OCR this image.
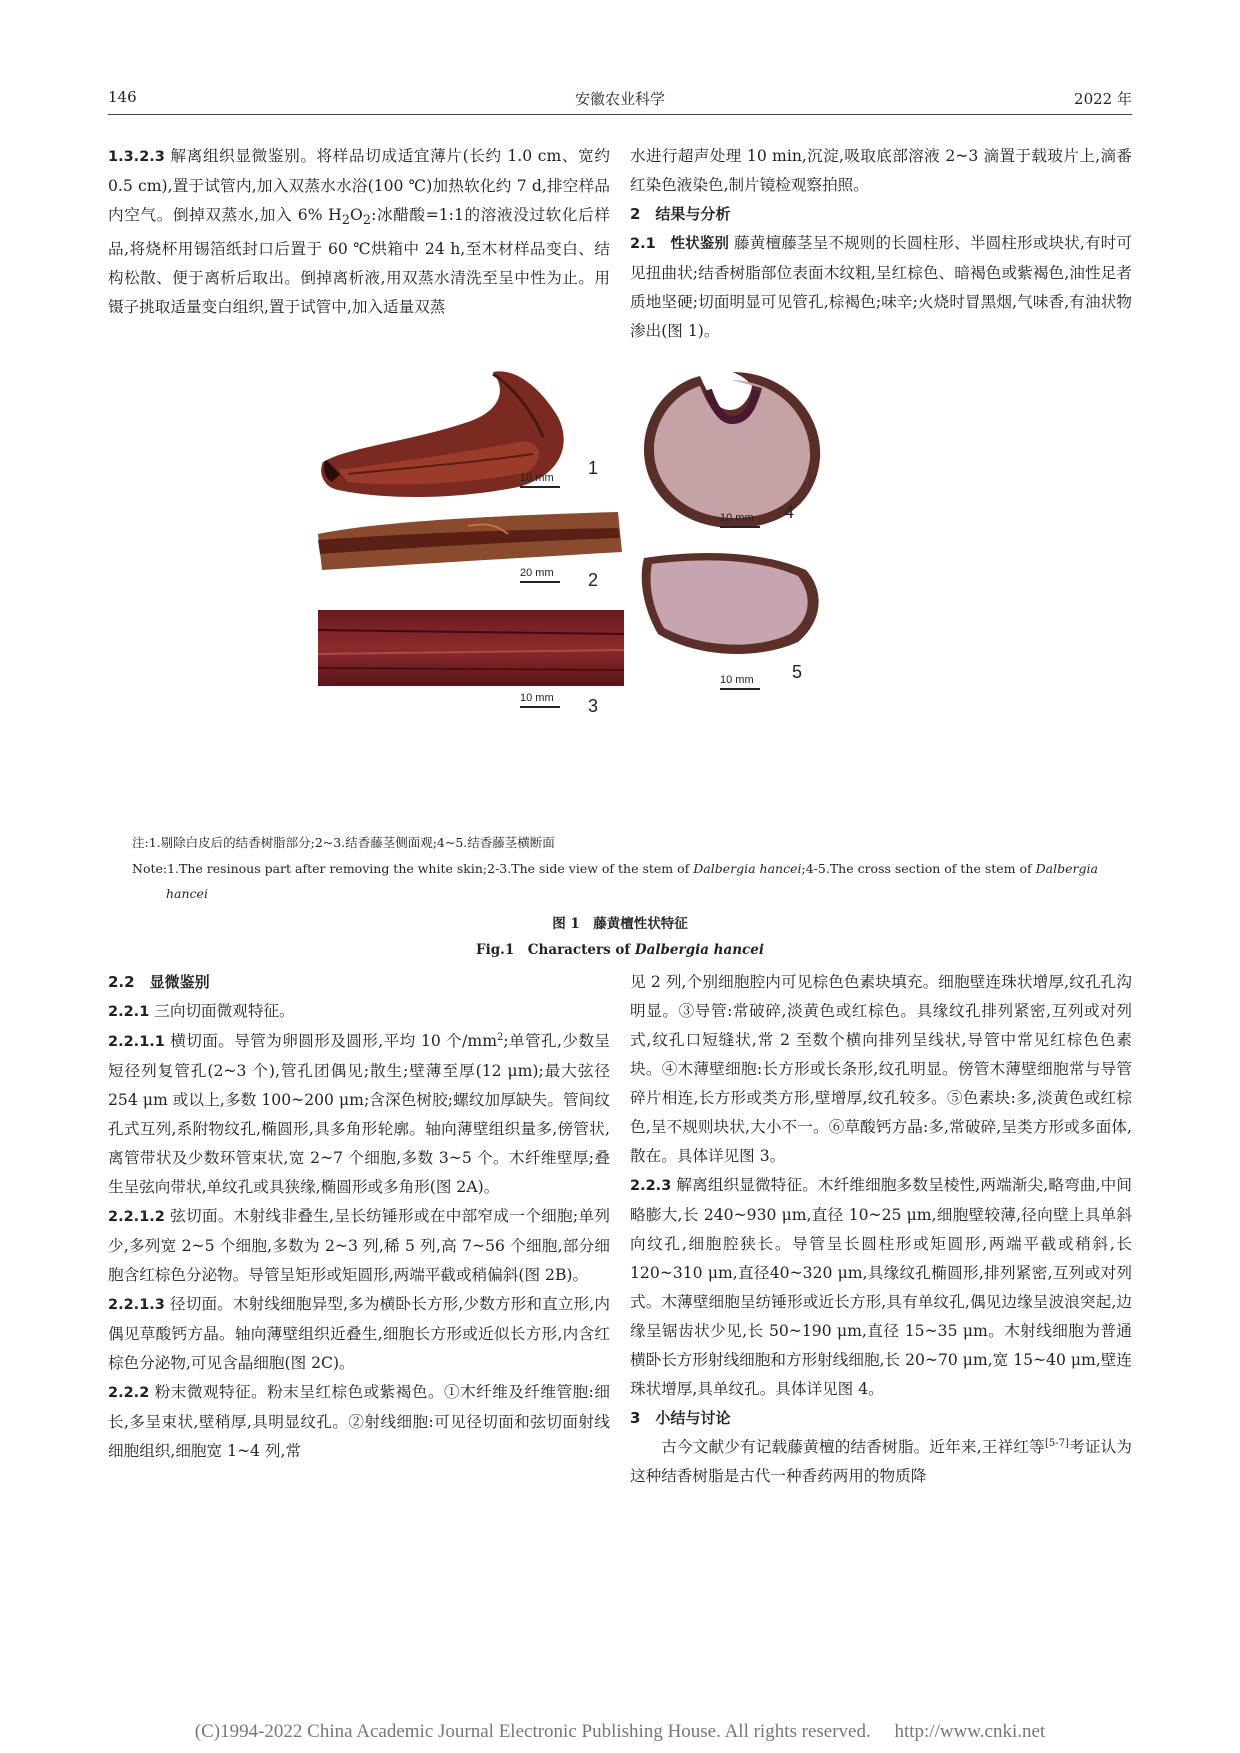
146	安徽农业科学	2022 年

1.3.2.3 解离组织显微鉴别。将样品切成适宜薄片(长约 1.0 cm、宽约 0.5 cm),置于试管内,加入双蒸水水浴(100 ℃)加热软化约 7 d,排空样品内空气。倒掉双蒸水,加入 6% $H_2O_2$:冰醋酸=1:1的溶液没过软化后样品,将烧杯用锡箔纸封口后置于 60 ℃烘箱中 24 h,至木材样品变白、结构松散、便于离析后取出。倒掉离析液,用双蒸水清洗至呈中性为止。用镊子挑取适量变白组织,置于试管中,加入适量双蒸

水进行超声处理 10 min,沉淀,吸取底部溶液 2~3 滴置于载玻片上,滴番红染色液染色,制片镜检观察拍照。

2　结果与分析

2.1　性状鉴别 藤黄檀藤茎呈不规则的长圆柱形、半圆柱形或块状,有时可见扭曲状;结香树脂部位表面木纹粗,呈红棕色、暗褐色或紫褐色,油性足者质地坚硬;切面明显可见管孔,棕褐色;味辛;火烧时冒黑烟,气味香,有油状物渗出(图 1)。

10 mm 1
20 mm 2
10 mm 3
10 mm 4
10 mm 5
注:1.剔除白皮后的结香树脂部分;2~3.结香藤茎侧面观;4~5.结香藤茎横断面
Note:1.The resinous part after removing the white skin;2-3.The side view of the stem of Dalbergia hancei;4-5.The cross section of the stem of Dalbergia
hancei
图 1　藤黄檀性状特征
Fig.1　Characters of Dalbergia hancei

2.2　显微鉴别

2.2.1 三向切面微观特征。

2.2.1.1 横切面。导管为卵圆形及圆形,平均 10 个$/mm^2$;单管孔,少数呈短径列复管孔(2~3 个),管孔团偶见;散生;壁薄至厚(12 μm);最大弦径 254 μm 或以上,多数 100~200 μm;含深色树胶;螺纹加厚缺失。管间纹孔式互列,系附物纹孔,椭圆形,具多角形轮廓。轴向薄壁组织量多,傍管状,离管带状及少数环管束状,宽 2~7 个细胞,多数 3~5 个。木纤维壁厚;叠生呈弦向带状,单纹孔或具狭缘,椭圆形或多角形(图 2A)。

2.2.1.2 弦切面。木射线非叠生,呈长纺锤形或在中部窄成一个细胞;单列少,多列宽 2~5 个细胞,多数为 2~3 列,稀 5 列,高 7~56 个细胞,部分细胞含红棕色分泌物。导管呈矩形或矩圆形,两端平截或稍偏斜(图 2B)。

2.2.1.3 径切面。木射线细胞异型,多为横卧长方形,少数方形和直立形,内偶见草酸钙方晶。轴向薄壁组织近叠生,细胞长方形或近似长方形,内含红棕色分泌物,可见含晶细胞(图 2C)。

2.2.2 粉末微观特征。粉末呈红棕色或紫褐色。①木纤维及纤维管胞:细长,多呈束状,壁稍厚,具明显纹孔。②射线细胞:可见径切面和弦切面射线细胞组织,细胞宽 1~4 列,常

见 2 列,个别细胞腔内可见棕色色素块填充。细胞壁连珠状增厚,纹孔孔沟明显。③导管:常破碎,淡黄色或红棕色。具缘纹孔排列紧密,互列或对列式,纹孔口短缝状,常 2 至数个横向排列呈线状,导管中常见红棕色色素块。④木薄壁细胞:长方形或长条形,纹孔明显。傍管木薄壁细胞常与导管碎片相连,长方形或类方形,壁增厚,纹孔较多。⑤色素块:多,淡黄色或红棕色,呈不规则块状,大小不一。⑥草酸钙方晶:多,常破碎,呈类方形或多面体,散在。具体详见图 3。

2.2.3 解离组织显微特征。木纤维细胞多数呈棱性,两端渐尖,略弯曲,中间略膨大,长 240~930 μm,直径 10~25 μm,细胞壁较薄,径向壁上具单斜向纹孔,细胞腔狭长。导管呈长圆柱形或矩圆形,两端平截或稍斜,长 120~310 μm,直径40~320 μm,具缘纹孔椭圆形,排列紧密,互列或对列式。木薄壁细胞呈纺锤形或近长方形,具有单纹孔,偶见边缘呈波浪突起,边缘呈锯齿状少见,长 50~190 μm,直径 15~35 μm。木射线细胞为普通横卧长方形射线细胞和方形射线细胞,长 20~70 μm,宽 15~40 μm,壁连珠状增厚,具单纹孔。具体详见图 4。

3　小结与讨论

古今文献少有记载藤黄檀的结香树脂。近年来,王祥红等[5-7]考证认为这种结香树脂是古代一种香药两用的物质降

(C)1994-2022 China Academic Journal Electronic Publishing House. All rights reserved.　 http://www.cnki.net
